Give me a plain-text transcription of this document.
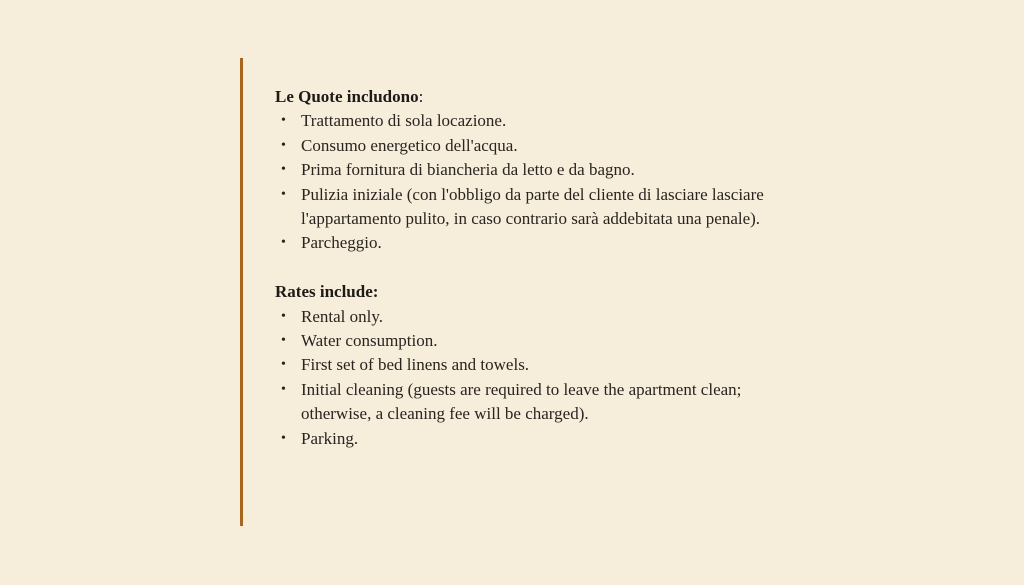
Le Quote includono:

• Trattamento di sola locazione.
• Consumo energetico dell'acqua.
• Prima fornitura di biancheria da letto e da bagno.
• Pulizia iniziale (con l'obbligo da parte del cliente di lasciare lasciare l'appartamento pulito, in caso contrario sarà addebitata una penale).
• Parcheggio.

Rates include:

• Rental only.
• Water consumption.
• First set of bed linens and towels.
• Initial cleaning (guests are required to leave the apartment clean; otherwise, a cleaning fee will be charged).
• Parking.
